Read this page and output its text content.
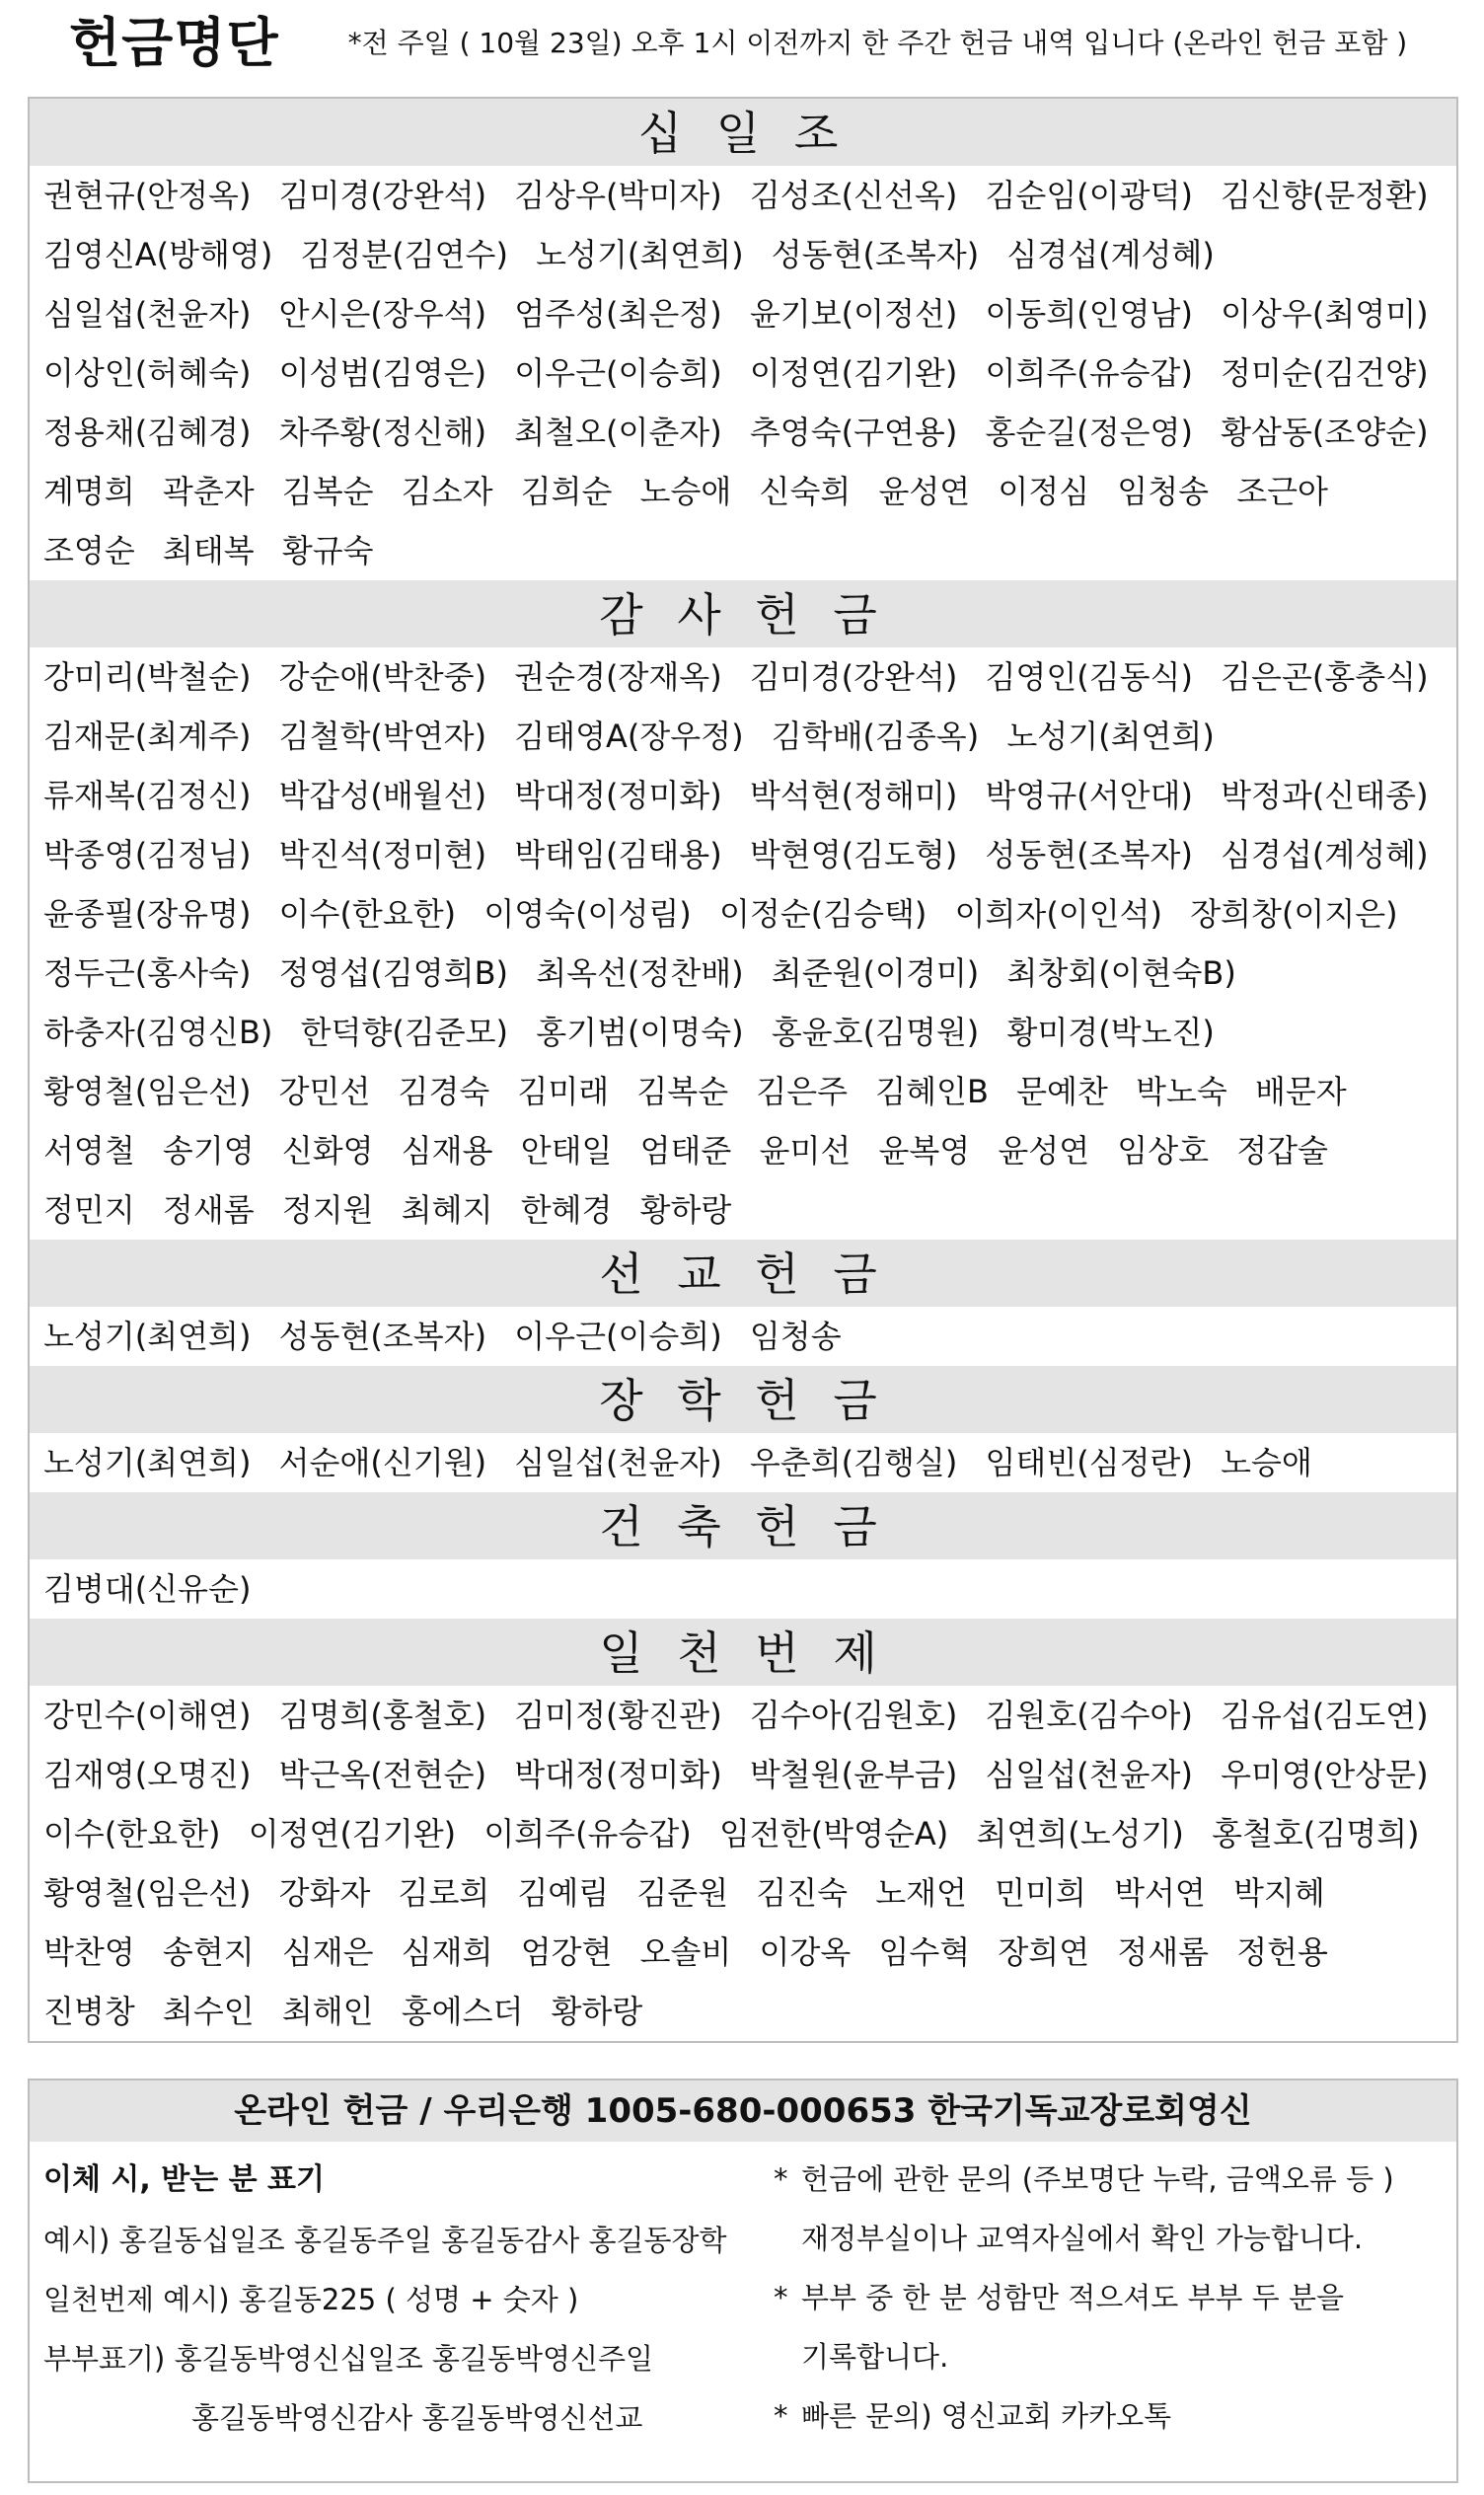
헌금명단	*전 주일 ( 10월 23일) 오후 1시 이전까지 한 주간 헌금 내역 입니다 (온라인 헌금 포함 )
십 일 조
권현규(안정옥) 김미경(강완석) 김상우(박미자) 김성조(신선옥) 김순임(이광덕) 김신향(문정환) 김영신A(방해영) 김정분(김연수) 노성기(최연희) 성동현(조복자) 심경섭(계성혜) 심일섭(천윤자) 안시은(장우석) 엄주성(최은정) 윤기보(이정선) 이동희(인영남) 이상우(최영미) 이상인(허혜숙) 이성범(김영은) 이우근(이승희) 이정연(김기완) 이희주(유승갑) 정미순(김건양) 정용채(김혜경) 차주황(정신해) 최철오(이춘자) 추영숙(구연용) 홍순길(정은영) 황삼동(조양순) 계명희 곽춘자 김복순 김소자 김희순 노승애 신숙희 윤성연 이정심 임청송 조근아 조영순 최태복 황규숙
감 사 헌 금
강미리(박철순) 강순애(박찬중) 권순경(장재옥) 김미경(강완석) 김영인(김동식) 김은곤(홍충식) 김재문(최계주) 김철학(박연자) 김태영A(장우정) 김학배(김종옥) 노성기(최연희) 류재복(김정신) 박갑성(배월선) 박대정(정미화) 박석현(정해미) 박영규(서안대) 박정과(신태종) 박종영(김정님) 박진석(정미현) 박태임(김태용) 박현영(김도형) 성동현(조복자) 심경섭(계성혜) 윤종필(장유명) 이수(한요한) 이영숙(이성림) 이정순(김승택) 이희자(이인석) 장희창(이지은) 정두근(홍사숙) 정영섭(김영희B) 최옥선(정찬배) 최준원(이경미) 최창회(이현숙B) 하충자(김영신B) 한덕향(김준모) 홍기범(이명숙) 홍윤호(김명원) 황미경(박노진) 황영철(임은선) 강민선 김경숙 김미래 김복순 김은주 김혜인B 문예찬 박노숙 배문자 서영철 송기영 신화영 심재용 안태일 엄태준 윤미선 윤복영 윤성연 임상호 정갑술 정민지 정새롬 정지원 최혜지 한혜경 황하랑
선 교 헌 금
노성기(최연희) 성동현(조복자) 이우근(이승희) 임청송
장 학 헌 금
노성기(최연희) 서순애(신기원) 심일섭(천윤자) 우춘희(김행실) 임태빈(심정란) 노승애
건 축 헌 금
김병대(신유순)
일 천 번 제
강민수(이해연) 김명희(홍철호) 김미정(황진관) 김수아(김원호) 김원호(김수아) 김유섭(김도연) 김재영(오명진) 박근옥(전현순) 박대정(정미화) 박철원(윤부금) 심일섭(천윤자) 우미영(안상문) 이수(한요한) 이정연(김기완) 이희주(유승갑) 임전한(박영순A) 최연희(노성기) 홍철호(김명희) 황영철(임은선) 강화자 김로희 김예림 김준원 김진숙 노재언 민미희 박서연 박지혜 박찬영 송현지 심재은 심재희 엄강현 오솔비 이강옥 임수혁 장희연 정새롬 정헌용 진병창 최수인 최해인 홍에스더 황하랑
온라인 헌금 / 우리은행 1005-680-000653 한국기독교장로회영신
이체 시, 받는 분 표기
예시) 홍길동십일조 홍길동주일 홍길동감사 홍길동장학
일천번제 예시) 홍길동225 ( 성명 + 숫자 )
부부표기) 홍길동박영신십일조 홍길동박영신주일
홍길동박영신감사 홍길동박영신선교
* 헌금에 관한 문의 (주보명단 누락, 금액오류 등 )
재정부실이나 교역자실에서 확인 가능합니다.
* 부부 중 한 분 성함만 적으셔도 부부 두 분을
기록합니다.
* 빠른 문의) 영신교회 카카오톡
